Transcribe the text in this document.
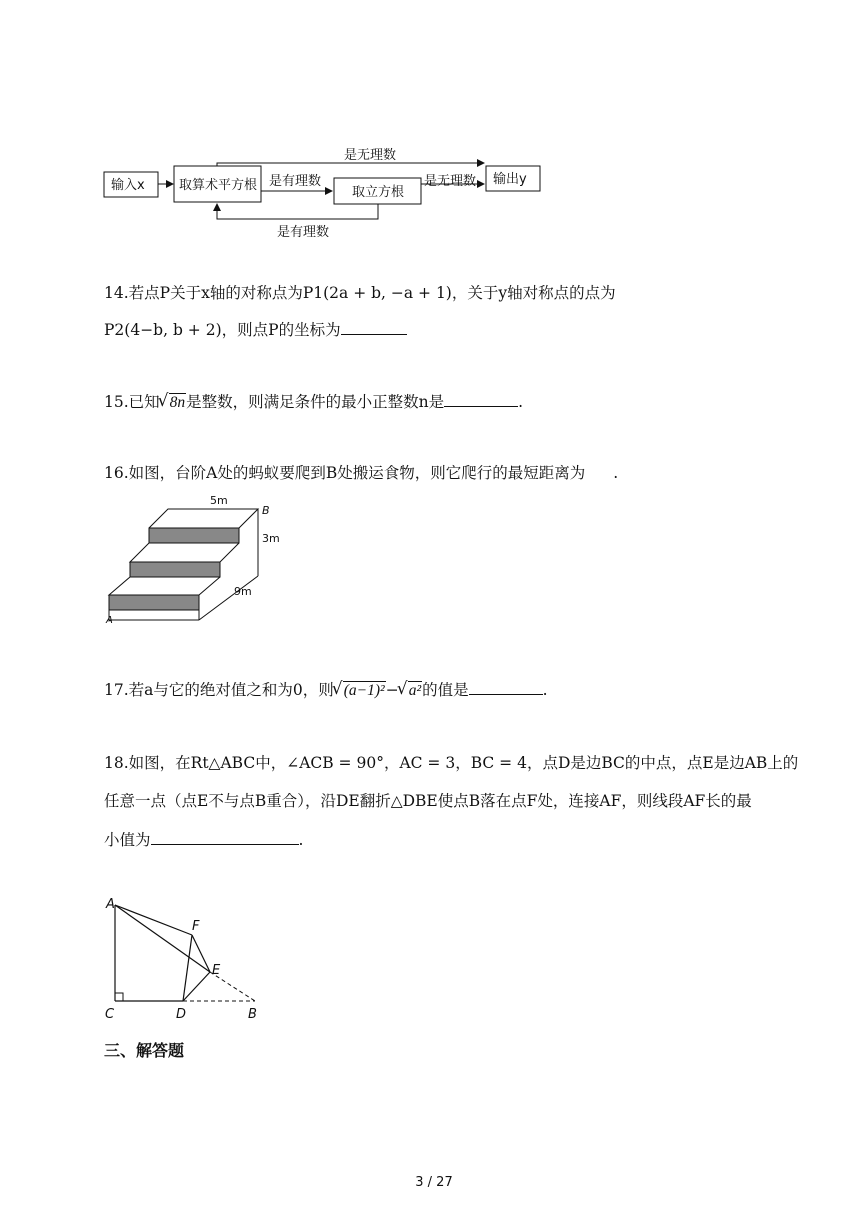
输入x	取算术平方根 是有理数
取立方根
是无理数
是无理数
输出y
是有理数
14.若点P关于x轴的对称点为P1(2a + b, −a + 1)，关于y轴对称点的点为
P2(4−b, b + 2)，则点P的坐标为
15.已知 √ 8n是整数，则满足条件的最小正整数n是	.
16.如图，台阶A处的蚂蚁要爬到B处搬运食物，则它爬行的最短距离为 .
5m
B
3m
9m
A
17.若a与它的绝对值之和为0，则 √ (a−1)²− √ a²的值是	.
18.如图，在Rt△ABC中，∠ACB = 90°，AC = 3，BC = 4，点D是边BC的中点，点E是边AB上的
任意一点（点E不与点B重合），沿DE翻折△DBE使点B落在点F处，连接AF，则线段AF长的最
小值为	.
A
F
E
C	D	B
三、解答题
3 / 27
